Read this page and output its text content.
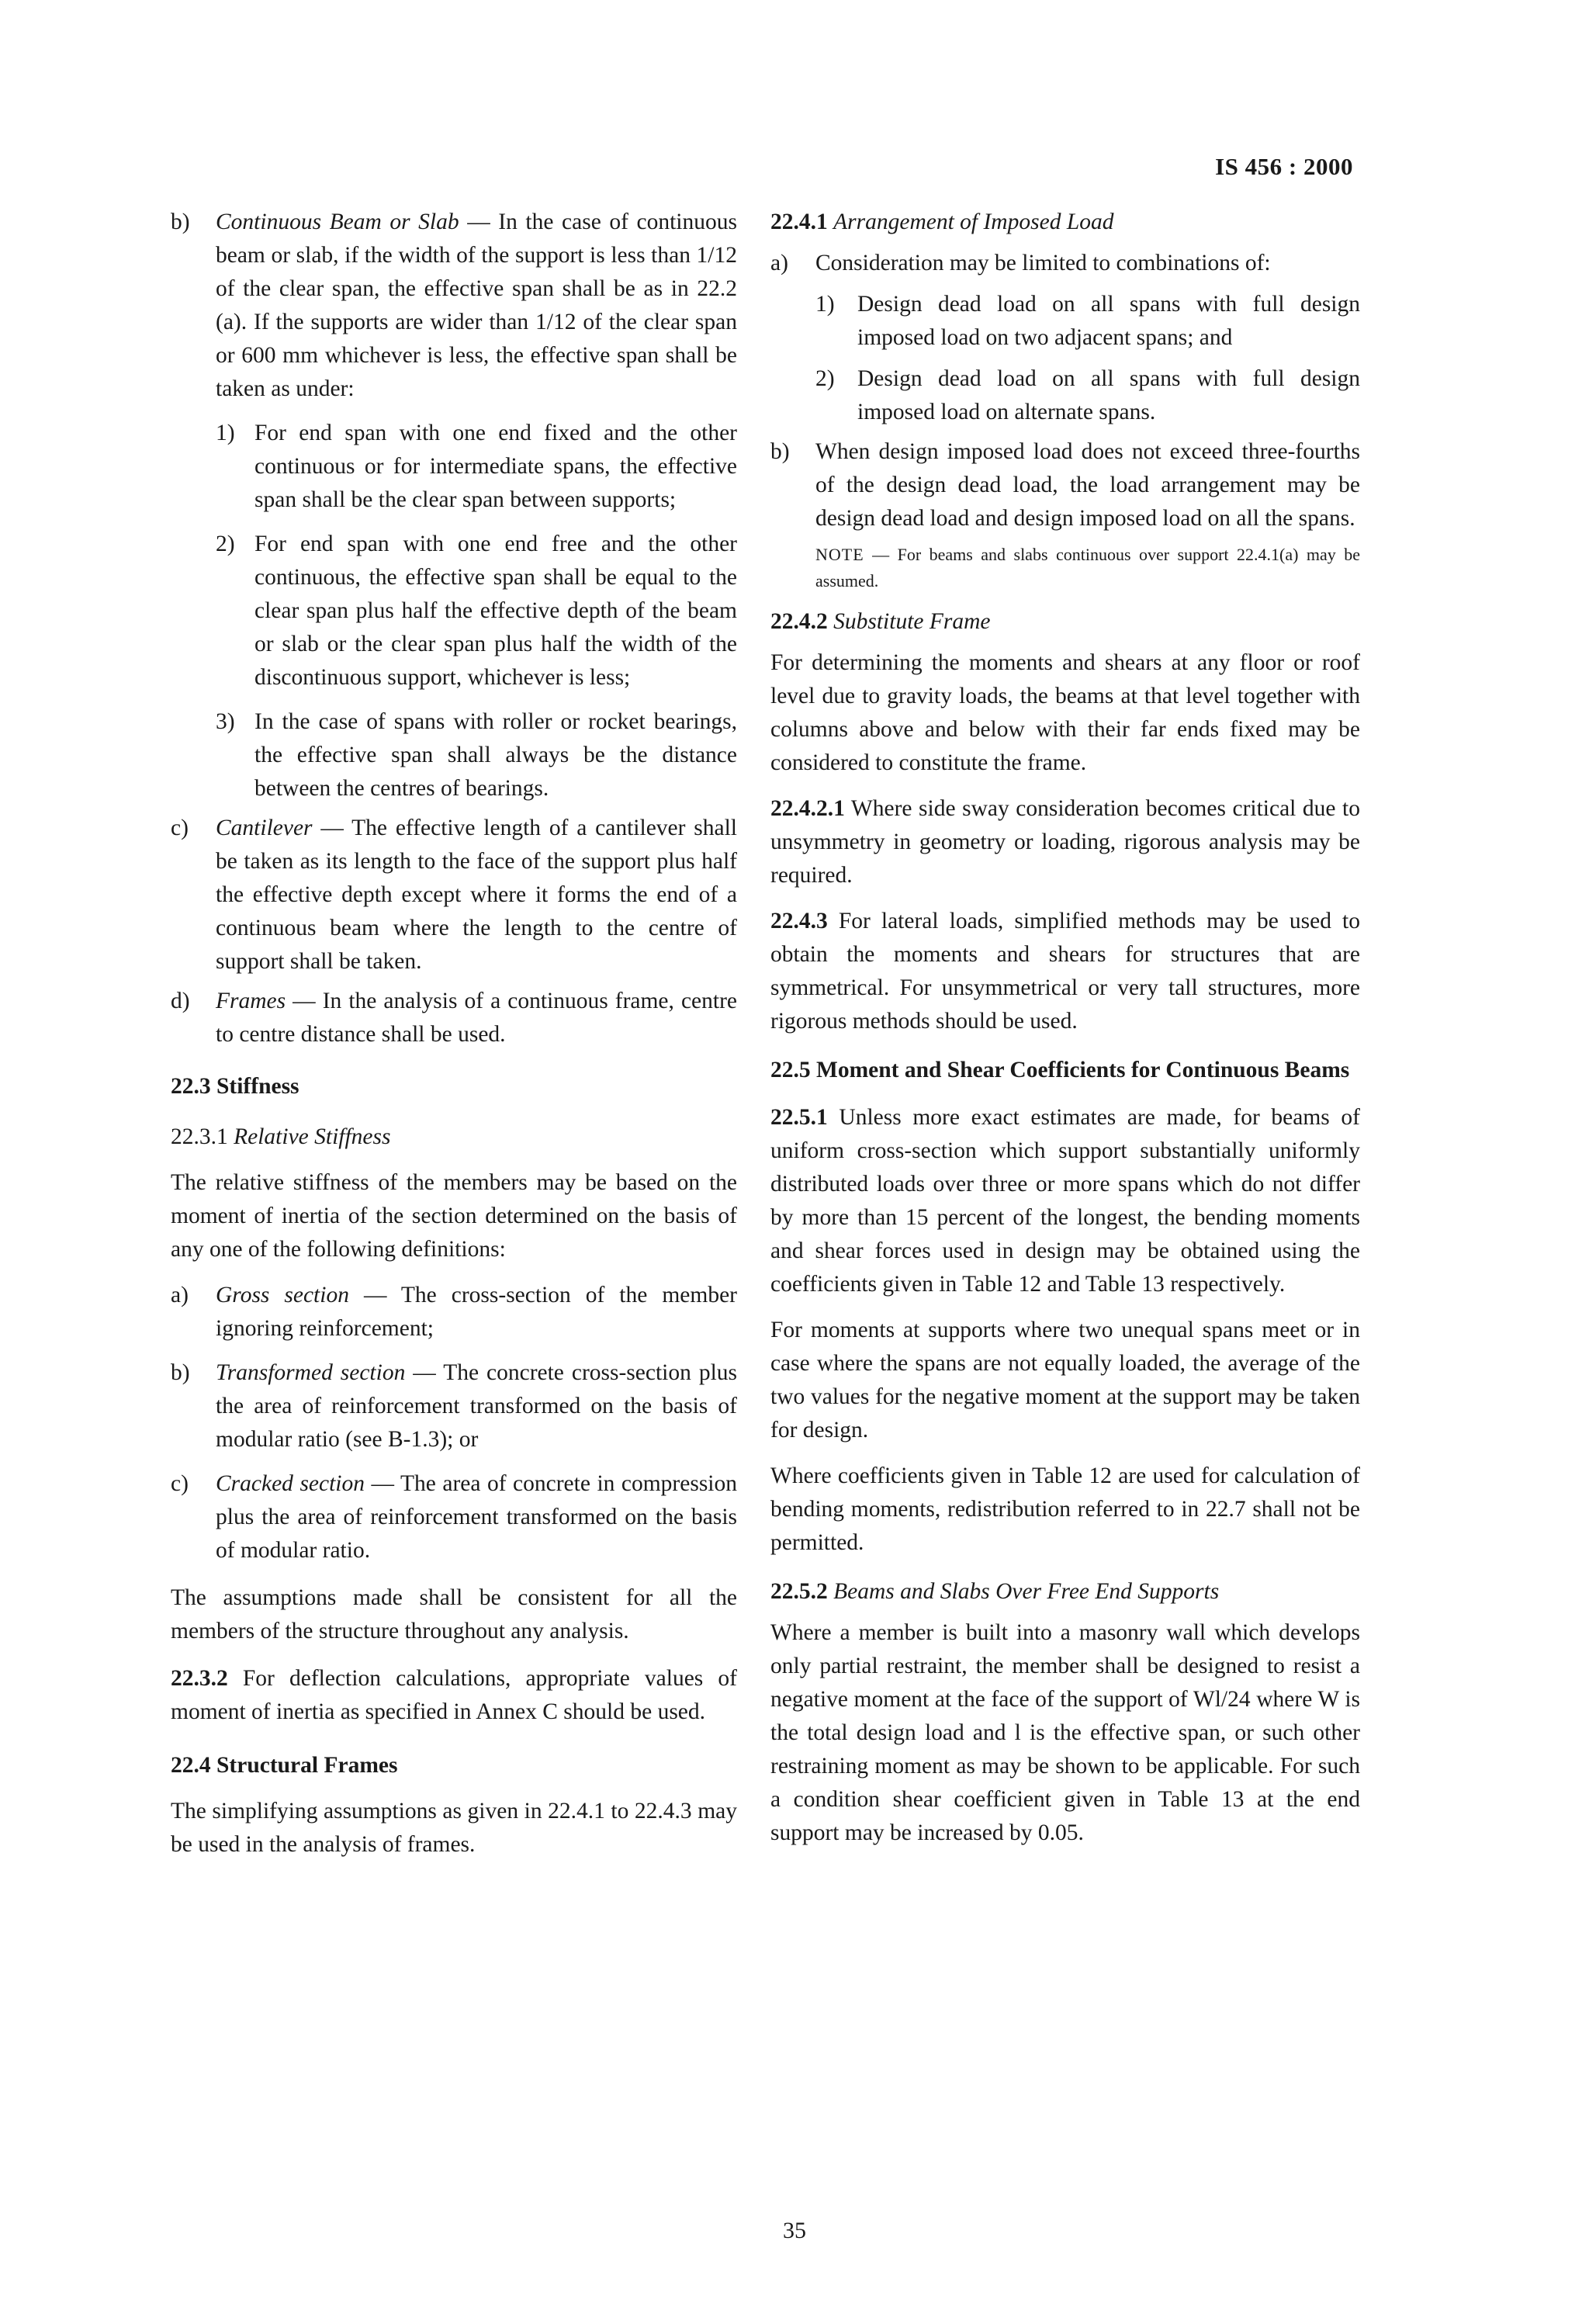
IS 456 : 2000
b)	Continuous Beam or Slab — In the case of continuous beam or slab, if the width of the support is less than 1/12 of the clear span, the effective span shall be as in 22.2 (a). If the supports are wider than 1/12 of the clear span or 600 mm whichever is less, the effective span shall be taken as under:
1) For end span with one end fixed and the other continuous or for intermediate spans, the effective span shall be the clear span between supports;
2) For end span with one end free and the other continuous, the effective span shall be equal to the clear span plus half the effective depth of the beam or slab or the clear span plus half the width of the discontinuous support, whichever is less;
3) In the case of spans with roller or rocket bearings, the effective span shall always be the distance between the centres of bearings.
c)	Cantilever — The effective length of a cantilever shall be taken as its length to the face of the support plus half the effective depth except where it forms the end of a continuous beam where the length to the centre of support shall be taken.
d)	Frames — In the analysis of a continuous frame, centre to centre distance shall be used.

22.3 Stiffness

22.3.1 Relative Stiffness

The relative stiffness of the members may be based on the moment of inertia of the section determined on the basis of any one of the following definitions:

a)	Gross section — The cross-section of the member ignoring reinforcement;
b)	Transformed section — The concrete cross-section plus the area of reinforcement transformed on the basis of modular ratio (see B-1.3); or
c)	Cracked section — The area of concrete in compression plus the area of reinforcement transformed on the basis of modular ratio.

The assumptions made shall be consistent for all the members of the structure throughout any analysis.

22.3.2 For deflection calculations, appropriate values of moment of inertia as specified in Annex C should be used.

22.4 Structural Frames

The simplifying assumptions as given in 22.4.1 to 22.4.3 may be used in the analysis of frames.

22.4.1 Arrangement of Imposed Load

a)	Consideration may be limited to combinations of:
1) Design dead load on all spans with full design imposed load on two adjacent spans; and
2) Design dead load on all spans with full design imposed load on alternate spans.
b)	When design imposed load does not exceed three-fourths of the design dead load, the load arrangement may be design dead load and design imposed load on all the spans.

NOTE — For beams and slabs continuous over support 22.4.1(a) may be assumed.

22.4.2 Substitute Frame

For determining the moments and shears at any floor or roof level due to gravity loads, the beams at that level together with columns above and below with their far ends fixed may be considered to constitute the frame.

22.4.2.1 Where side sway consideration becomes critical due to unsymmetry in geometry or loading, rigorous analysis may be required.

22.4.3 For lateral loads, simplified methods may be used to obtain the moments and shears for structures that are symmetrical. For unsymmetrical or very tall structures, more rigorous methods should be used.

22.5 Moment and Shear Coefficients for Continuous Beams

22.5.1 Unless more exact estimates are made, for beams of uniform cross-section which support substantially uniformly distributed loads over three or more spans which do not differ by more than 15 percent of the longest, the bending moments and shear forces used in design may be obtained using the coefficients given in Table 12 and Table 13 respectively.

For moments at supports where two unequal spans meet or in case where the spans are not equally loaded, the average of the two values for the negative moment at the support may be taken for design.

Where coefficients given in Table 12 are used for calculation of bending moments, redistribution referred to in 22.7 shall not be permitted.

22.5.2 Beams and Slabs Over Free End Supports

Where a member is built into a masonry wall which develops only partial restraint, the member shall be designed to resist a negative moment at the face of the support of Wl/24 where W is the total design load and l is the effective span, or such other restraining moment as may be shown to be applicable. For such a condition shear coefficient given in Table 13 at the end support may be increased by 0.05.

35
